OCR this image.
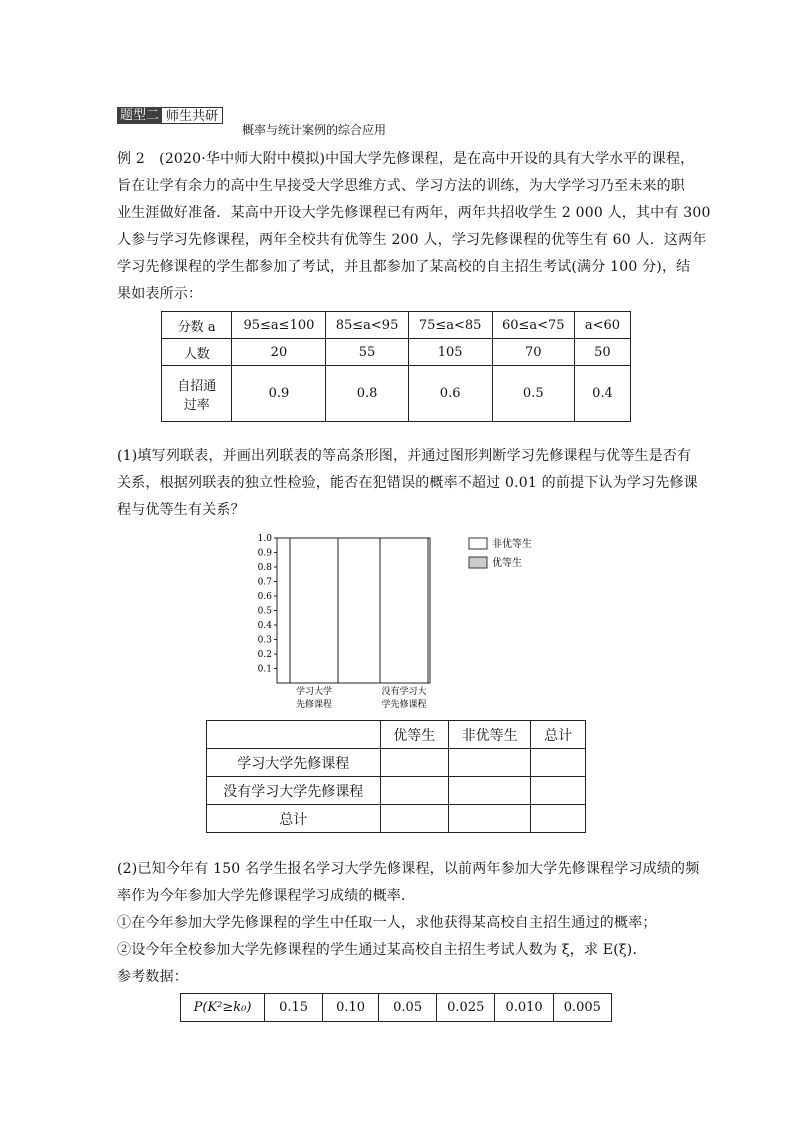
题型二 师生共研
概率与统计案例的综合应用
例 2　(2020·华中师大附中模拟)中国大学先修课程，是在高中开设的具有大学水平的课程，
旨在让学有余力的高中生早接受大学思维方式、学习方法的训练，为大学学习乃至未来的职
业生涯做好准备．某高中开设大学先修课程已有两年，两年共招收学生 2 000 人，其中有 300
人参与学习先修课程，两年全校共有优等生 200 人，学习先修课程的优等生有 60 人．这两年
学习先修课程的学生都参加了考试，并且都参加了某高校的自主招生考试(满分 100 分)，结
果如表所示：
分数 a	95≤a≤100	85≤a<95	75≤a<85	60≤a<75	a<60
人数	20	55	105	70	50

自招通
过率	0.9	0.8	0.6	0.5	0.4
(1)填写列联表，并画出列联表的等高条形图，并通过图形判断学习先修课程与优等生是否有
关系，根据列联表的独立性检验，能否在犯错误的概率不超过 0.01 的前提下认为学习先修课
程与优等生有关系？
0.1
0.2
0.3
0.4
0.5
0.6
0.7
0.8
0.9
1.0
学习大学
先修课程
没有学习大
学先修课程
非优等生
优等生
	优等生	非优等生	总计
学习大学先修课程			
没有学习大学先修课程			
总计			
(2)已知今年有 150 名学生报名学习大学先修课程，以前两年参加大学先修课程学习成绩的频
率作为今年参加大学先修课程学习成绩的概率．
①在今年参加大学先修课程的学生中任取一人，求他获得某高校自主招生通过的概率；
②设今年全校参加大学先修课程的学生通过某高校自主招生考试人数为 ξ，求 E(ξ)．
参考数据：
P(K²≥k₀)	0.15	0.10	0.05	0.025	0.010	0.005
